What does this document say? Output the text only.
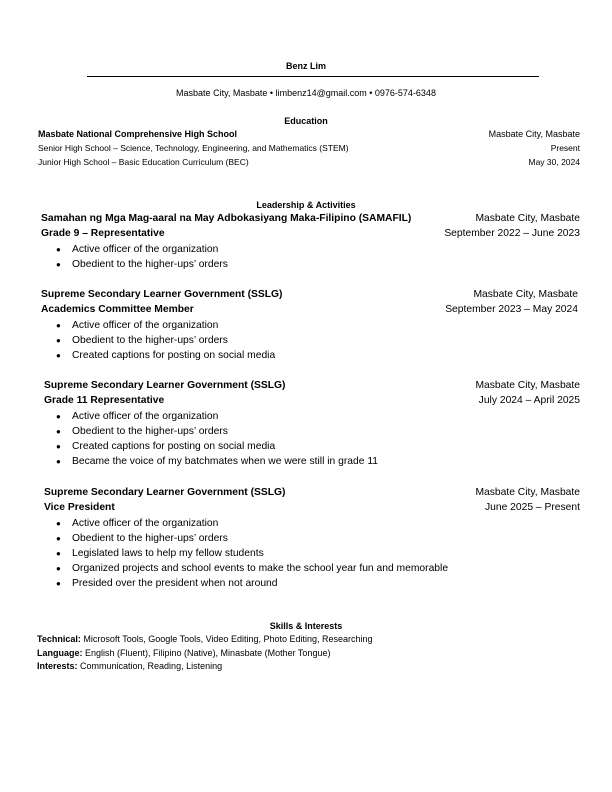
Benz Lim
Masbate City, Masbate • limbenz14@gmail.com • 0976-574-6348
Education
Masbate National Comprehensive High School	Masbate City, Masbate
Senior High School – Science, Technology, Engineering, and Mathematics (STEM)	Present
Junior High School – Basic Education Curriculum (BEC)	May 30, 2024
Leadership & Activities
Samahan ng Mga Mag-aaral na May Adbokasiyang Maka-Filipino (SAMAFIL)	Masbate City, Masbate
Grade 9 – Representative	September 2022 – June 2023
● Active officer of the organization
● Obedient to the higher-ups’ orders
Supreme Secondary Learner Government (SSLG)	Masbate City, Masbate
Academics Committee Member	September 2023 – May 2024
● Active officer of the organization
● Obedient to the higher-ups’ orders
● Created captions for posting on social media
Supreme Secondary Learner Government (SSLG)	Masbate City, Masbate
Grade 11 Representative	July 2024 – April 2025
● Active officer of the organization
● Obedient to the higher-ups’ orders
● Created captions for posting on social media
● Became the voice of my batchmates when we were still in grade 11
Supreme Secondary Learner Government (SSLG)	Masbate City, Masbate
Vice President	June 2025 – Present
● Active officer of the organization
● Obedient to the higher-ups’ orders
● Legislated laws to help my fellow students
● Organized projects and school events to make the school year fun and memorable
● Presided over the president when not around
Skills & Interests
Technical: Microsoft Tools, Google Tools, Video Editing, Photo Editing, Researching
Language: English (Fluent), Filipino (Native), Minasbate (Mother Tongue)
Interests: Communication, Reading, Listening
